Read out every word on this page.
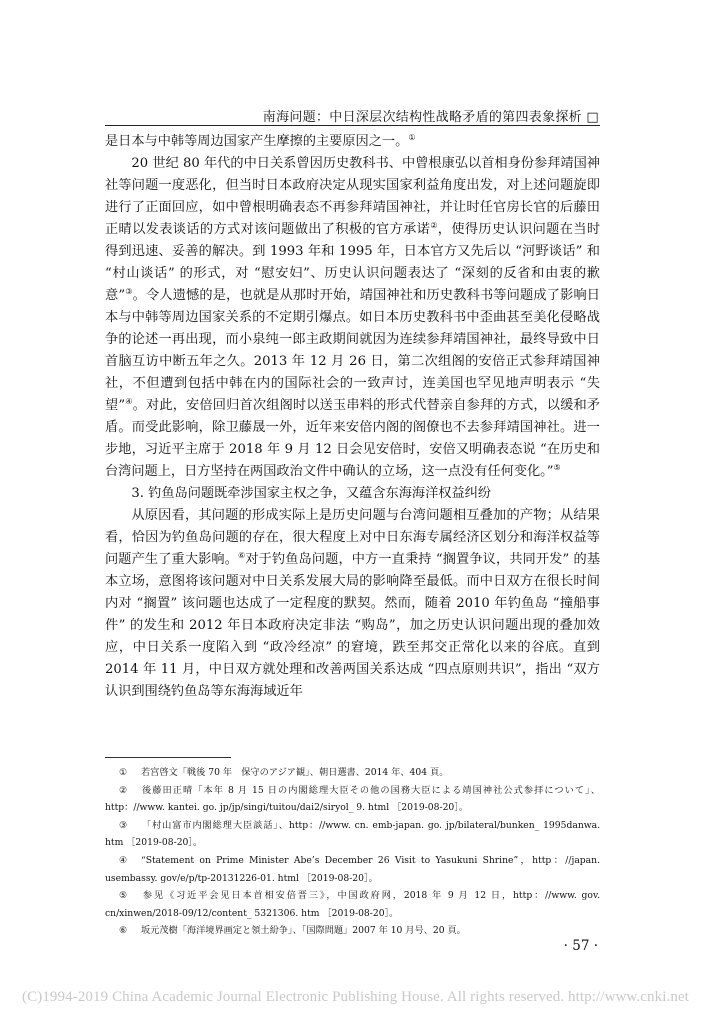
南海问题：中日深层次结构性战略矛盾的第四表象探析 □

是日本与中韩等周边国家产生摩擦的主要原因之一。①

20 世纪 80 年代的中日关系曾因历史教科书、中曾根康弘以首相身份参拜靖国神社等问题一度恶化，但当时日本政府决定从现实国家利益角度出发，对上述问题旋即进行了正面回应，如中曾根明确表态不再参拜靖国神社，并让时任官房长官的后藤田正晴以发表谈话的方式对该问题做出了积极的官方承诺②，使得历史认识问题在当时得到迅速、妥善的解决。到 1993 年和 1995 年，日本官方又先后以 “河野谈话” 和 “村山谈话” 的形式，对 “慰安妇”、历史认识问题表达了 “深刻的反省和由衷的歉意”③。令人遗憾的是，也就是从那时开始，靖国神社和历史教科书等问题成了影响日本与中韩等周边国家关系的不定期引爆点。如日本历史教科书中歪曲甚至美化侵略战争的论述一再出现，而小泉纯一郎主政期间就因为连续参拜靖国神社，最终导致中日首脑互访中断五年之久。2013 年 12 月 26 日，第二次组阁的安倍正式参拜靖国神社，不但遭到包括中韩在内的国际社会的一致声讨，连美国也罕见地声明表示 “失望”④。对此，安倍回归首次组阁时以送玉串料的形式代替亲自参拜的方式，以缓和矛盾。而受此影响，除卫藤晟一外，近年来安倍内阁的阁僚也不去参拜靖国神社。进一步地，习近平主席于 2018 年 9 月 12 日会见安倍时，安倍又明确表态说 “在历史和台湾问题上，日方坚持在两国政治文件中确认的立场，这一点没有任何变化。”⑤

3. 钓鱼岛问题既牵涉国家主权之争，又蕴含东海海洋权益纠纷

从原因看，其问题的形成实际上是历史问题与台湾问题相互叠加的产物；从结果看，恰因为钓鱼岛问题的存在，很大程度上对中日东海专属经济区划分和海洋权益等问题产生了重大影响。⑥对于钓鱼岛问题，中方一直秉持 “搁置争议，共同开发” 的基本立场，意图将该问题对中日关系发展大局的影响降至最低。而中日双方在很长时间内对 “搁置” 该问题也达成了一定程度的默契。然而，随着 2010 年钓鱼岛 “撞船事件” 的发生和 2012 年日本政府决定非法 “购岛”，加之历史认识问题出现的叠加效应，中日关系一度陷入到 “政冷经凉” 的窘境，跌至邦交正常化以来的谷底。直到 2014 年 11 月，中日双方就处理和改善两国关系达成 “四点原则共识”，指出 “双方认识到围绕钓鱼岛等东海海域近年

① 若宫啓文「戦後 70 年　保守のアジア観」、朝日選書、2014 年、404 頁。

② 後藤田正晴「本年 8 月 15 日の内閣総理大臣その他の国務大臣による靖国神社公式参拝について」、http：//www. kantei. go. jp/jp/singi/tuitou/dai2/siryol_ 9. html ［2019-08-20］。

③ 「村山富市内閣総理大臣談話」、http：//www. cn. emb-japan. go. jp/bilateral/bunken_ 1995danwa. htm ［2019-08-20］。

④ “Statement on Prime Minister Abe’s December 26 Visit to Yasukuni Shrine”，http：//japan. usembassy. gov/e/p/tp-20131226-01. html ［2019-08-20］。

⑤ 参见《习近平会见日本首相安倍晋三》，中国政府网，2018 年 9 月 12 日，http：//www. gov. cn/xinwen/2018-09/12/content_ 5321306. htm ［2019-08-20］。

⑥ 坂元茂樹「海洋境界画定と領土紛争」、「国際問題」2007 年 10 月号、20 頁。

· 57 ·
(C)1994-2019 China Academic Journal Electronic Publishing House. All rights reserved. http://www.cnki.net
